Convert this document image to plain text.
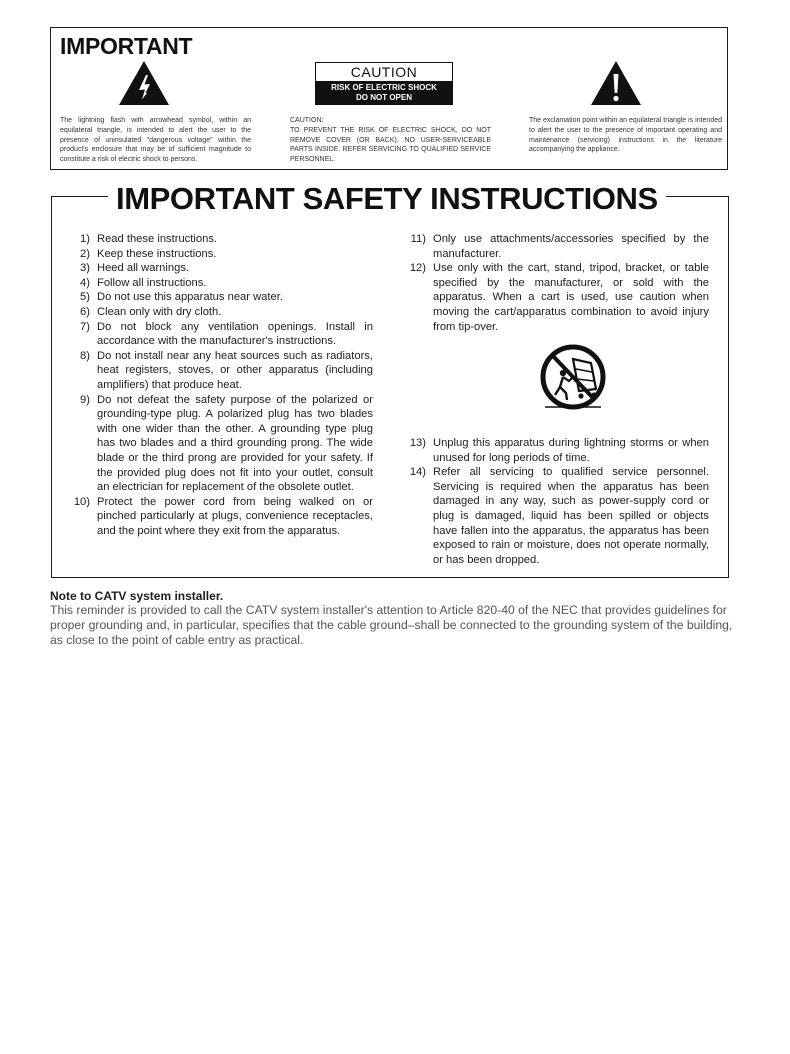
IMPORTANT
CAUTION
RISK OF ELECTRIC SHOCK
DO NOT OPEN
The lightning flash with arrowhead symbol, within an equilateral triangle, is intended to alert the user to the presence of uninsulated "dangerous voltage" within the product's enclosure that may be of sufficient magnitude to constitute a risk of electric shock to persons.
CAUTION:
TO PREVENT THE RISK OF ELECTRIC SHOCK, DO NOT REMOVE COVER (OR BACK). NO USER-SERVICEABLE PARTS INSIDE. REFER SERVICING TO QUALIFIED SERVICE PERSONNEL.
The exclamation point within an equilateral triangle is intended to alert the user to the presence of important operating and maintenance (servicing) instructions in the literature accompanying the appliance.
IMPORTANT SAFETY INSTRUCTIONS
1) Read these instructions.
2) Keep these instructions.
3) Heed all warnings.
4) Follow all instructions.
5) Do not use this apparatus near water.
6) Clean only with dry cloth.
7) Do not block any ventilation openings. Install in accordance with the manufacturer's instructions.
8) Do not install near any heat sources such as radiators, heat registers, stoves, or other apparatus (including amplifiers) that produce heat.
9) Do not defeat the safety purpose of the polarized or grounding-type plug. A polarized plug has two blades with one wider than the other. A grounding type plug has two blades and a third grounding prong. The wide blade or the third prong are provided for your safety. If the provided plug does not fit into your outlet, consult an electrician for replacement of the obsolete outlet.
10) Protect the power cord from being walked on or pinched particularly at plugs, convenience receptacles, and the point where they exit from the apparatus.
11) Only use attachments/accessories specified by the manufacturer.
12) Use only with the cart, stand, tripod, bracket, or table specified by the manufacturer, or sold with the apparatus. When a cart is used, use caution when moving the cart/apparatus combination to avoid injury from tip-over.
13) Unplug this apparatus during lightning storms or when unused for long periods of time.
14) Refer all servicing to qualified service personnel. Servicing is required when the apparatus has been damaged in any way, such as power-supply cord or plug is damaged, liquid has been spilled or objects have fallen into the apparatus, the apparatus has been exposed to rain or moisture, does not operate normally, or has been dropped.
Note to CATV system installer.
This reminder is provided to call the CATV system installer's attention to Article 820-40 of the NEC that provides guidelines for proper grounding and, in particular, specifies that the cable ground–shall be connected to the grounding system of the building, as close to the point of cable entry as practical.
